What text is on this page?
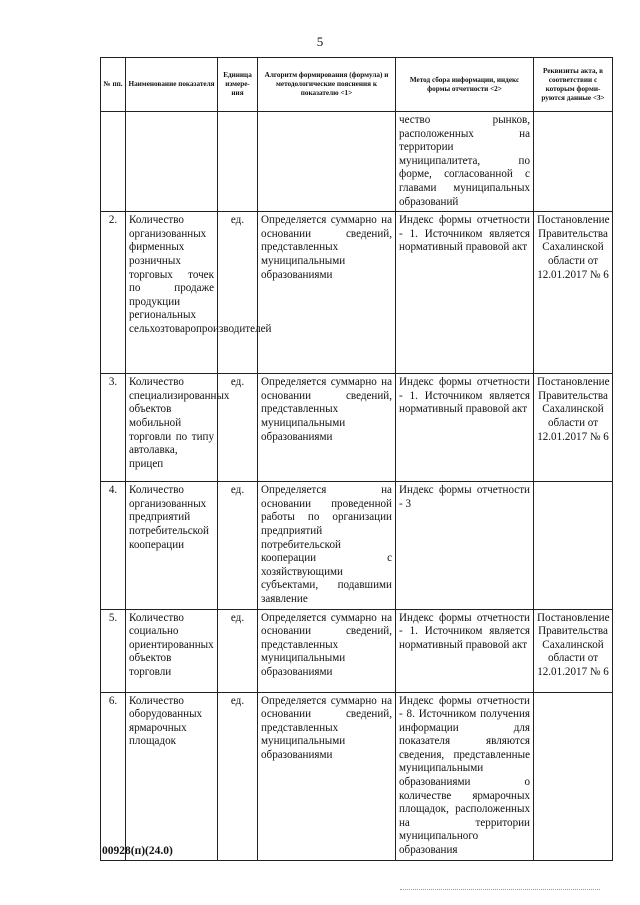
5
№ пп.	Наименование показателя	Единица измере-ния	Алгоритм формирования (формула) и методологические пояснения к показателю <1>	Метод сбора информации, индекс формы отчетности <2>	Реквизиты акта, в соответствии с которым форми-руются данные <3>
				чество рынков, расположенных на территории муниципалитета, по форме, согласованной с главами муниципальных образований	
2.	Количество организованных фирменных розничных торговых точек по продаже продукции региональных сельхозтоваропроизводителей	ед.	Определяется суммарно на основании сведений, представленных муниципальными образованиями	Индекс формы отчетности - 1. Источником является нормативный правовой акт	Постановление Правительства Сахалинской области от 12.01.2017 № 6
3.	Количество специализированных объектов мобильной торговли по типу автолавка, прицеп	ед.	Определяется суммарно на основании сведений, представленных муниципальными образованиями	Индекс формы отчетности - 1. Источником является нормативный правовой акт	Постановление Правительства Сахалинской области от 12.01.2017 № 6
4.	Количество организованных предприятий потребительской кооперации	ед.	Определяется на основании проведенной работы по организации предприятий потребительской кооперации с хозяйствующими субъектами, подавшими заявление	Индекс формы отчетности - 3	
5.	Количество социально ориентированных объектов торговли	ед.	Определяется суммарно на основании сведений, представленных муниципальными образованиями	Индекс формы отчетности - 1. Источником является нормативный правовой акт	Постановление Правительства Сахалинской области от 12.01.2017 № 6
6.	Количество оборудованных ярмарочных площадок	ед.	Определяется суммарно на основании сведений, представленных муниципальными образованиями	Индекс формы отчетности - 8. Источником получения информации для показателя являются сведения, представленные муниципальными образованиями о количестве ярмарочных площадок, расположенных на территории муниципального образования	
00928(п)(24.0)
